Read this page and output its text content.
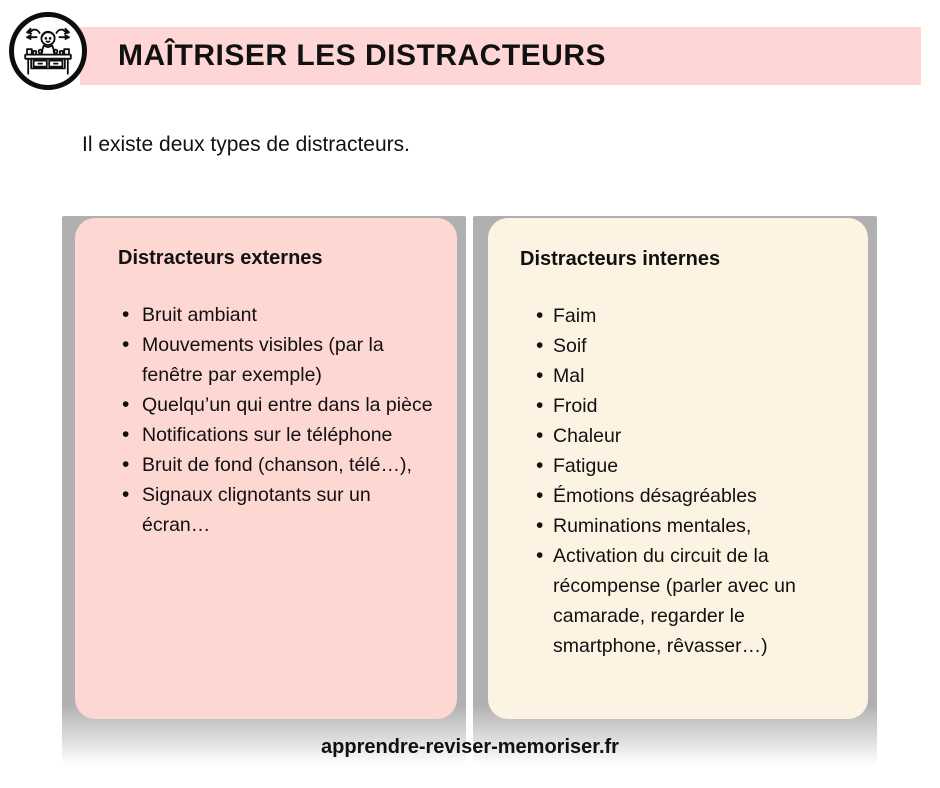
MAÎTRISER LES DISTRACTEURS
Il existe deux types de distracteurs.
Distracteurs externes
• Bruit ambiant
• Mouvements visibles (par la fenêtre par exemple)
• Quelqu’un qui entre dans la pièce
• Notifications sur le téléphone
• Bruit de fond (chanson, télé…),
• Signaux clignotants sur un écran…
Distracteurs internes
• Faim
• Soif
• Mal
• Froid
• Chaleur
• Fatigue
• Émotions désagréables
• Ruminations mentales,
• Activation du circuit de la récompense (parler avec un camarade, regarder le smartphone, rêvasser…)
apprendre-reviser-memoriser.fr
